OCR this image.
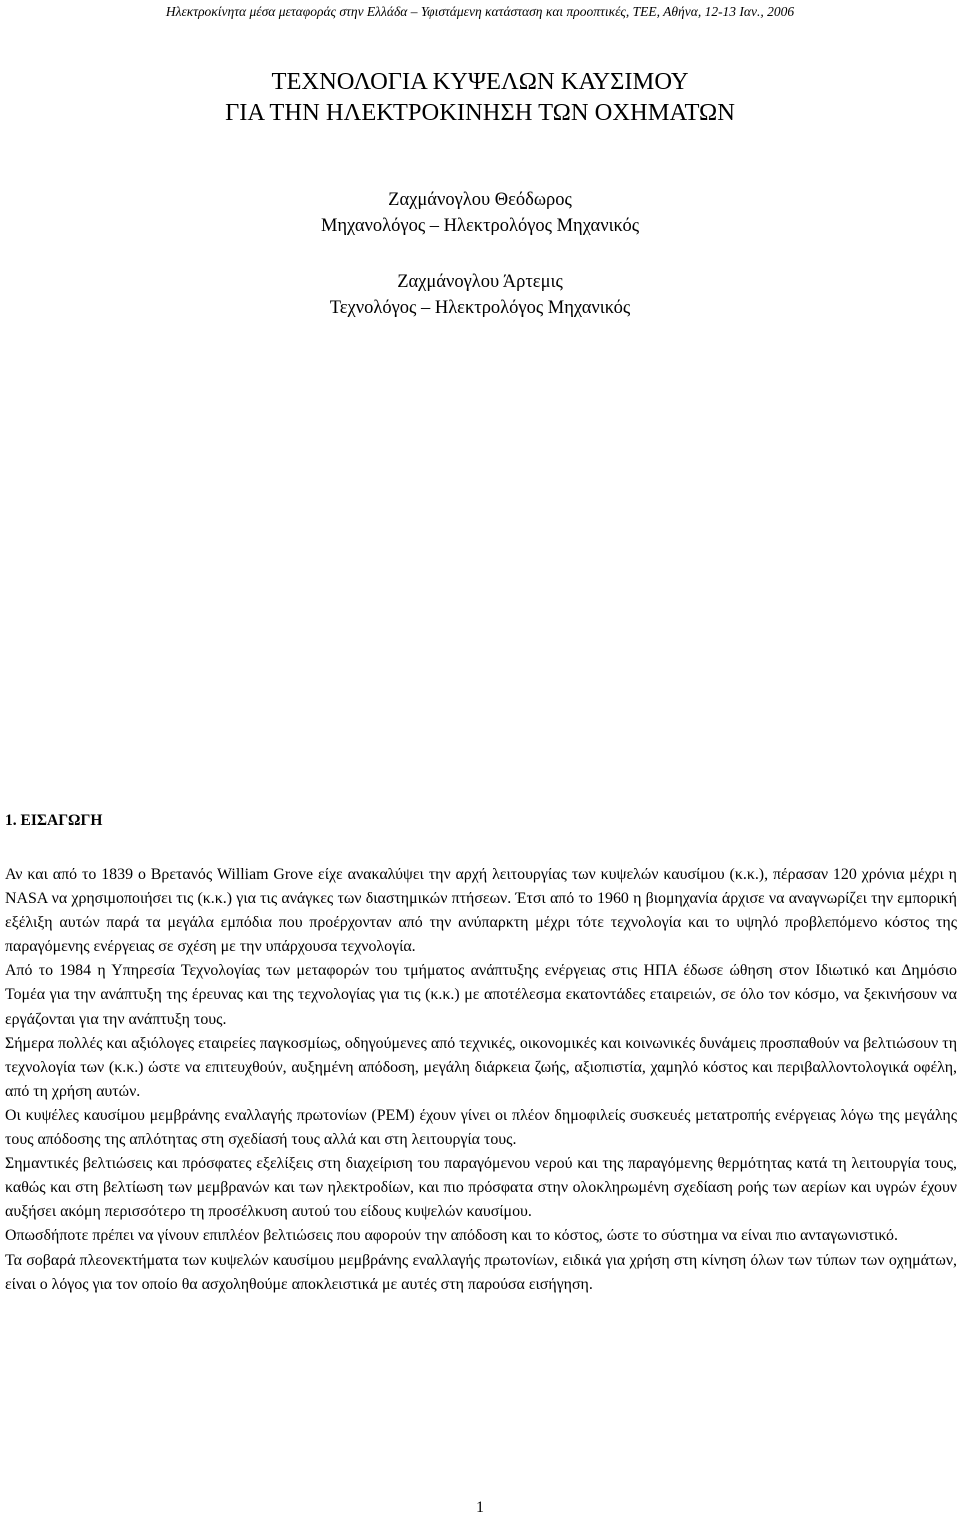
Ηλεκτροκίνητα μέσα μεταφοράς στην Ελλάδα – Υφιστάμενη κατάσταση και προοπτικές, ΤΕΕ, Αθήνα, 12-13 Ιαν., 2006
ΤΕΧΝΟΛΟΓΙΑ ΚΥΨΕΛΩΝ ΚΑΥΣΙΜΟΥ
ΓΙΑ ΤΗΝ ΗΛΕΚΤΡΟΚΙΝΗΣΗ ΤΩΝ ΟΧΗΜΑΤΩΝ
Ζαχμάνογλου Θεόδωρος
Μηχανολόγος – Ηλεκτρολόγος Μηχανικός
Ζαχμάνογλου Άρτεμις
Τεχνολόγος – Ηλεκτρολόγος Μηχανικός
1. ΕΙΣΑΓΩΓΗ

Αν και από το 1839 ο Βρετανός William Grove είχε ανακαλύψει την αρχή λειτουργίας των κυψελών καυσίμου (κ.κ.), πέρασαν 120 χρόνια μέχρι η NASA να χρησιμοποιήσει τις (κ.κ.) για τις ανάγκες των διαστημικών πτήσεων. Έτσι από το 1960 η βιομηχανία άρχισε να αναγνωρίζει την εμπορική εξέλιξη αυτών παρά τα μεγάλα εμπόδια που προέρχονταν από την ανύπαρκτη μέχρι τότε τεχνολογία και το υψηλό προβλεπόμενο κόστος της παραγόμενης ενέργειας σε σχέση με την υπάρχουσα τεχνολογία.

Από το 1984 η Υπηρεσία Τεχνολογίας των μεταφορών του τμήματος ανάπτυξης ενέργειας στις ΗΠΑ έδωσε ώθηση στον Ιδιωτικό και Δημόσιο Τομέα για την ανάπτυξη της έρευνας και της τεχνολογίας για τις (κ.κ.) με αποτέλεσμα εκατοντάδες εταιρειών, σε όλο τον κόσμο, να ξεκινήσουν να εργάζονται για την ανάπτυξη τους.

Σήμερα πολλές και αξιόλογες εταιρείες παγκοσμίως, οδηγούμενες από τεχνικές, οικονομικές και κοινωνικές δυνάμεις προσπαθούν να βελτιώσουν τη τεχνολογία των (κ.κ.) ώστε να επιτευχθούν, αυξημένη απόδοση, μεγάλη διάρκεια ζωής, αξιοπιστία, χαμηλό κόστος και περιβαλλοντολογικά οφέλη, από τη χρήση αυτών.

Οι κυψέλες καυσίμου μεμβράνης εναλλαγής πρωτονίων (PEM) έχουν γίνει οι πλέον δημοφιλείς συσκευές μετατροπής ενέργειας λόγω της μεγάλης τους απόδοσης της απλότητας στη σχεδίασή τους αλλά και στη λειτουργία τους.

Σημαντικές βελτιώσεις και πρόσφατες εξελίξεις στη διαχείριση του παραγόμενου νερού και της παραγόμενης θερμότητας κατά τη λειτουργία τους, καθώς και στη βελτίωση των μεμβρανών και των ηλεκτροδίων, και πιο πρόσφατα στην ολοκληρωμένη σχεδίαση ροής των αερίων και υγρών έχουν αυξήσει ακόμη περισσότερο τη προσέλκυση αυτού του είδους κυψελών καυσίμου.

Οπωσδήποτε πρέπει να γίνουν επιπλέον βελτιώσεις που αφορούν την απόδοση και το κόστος, ώστε το σύστημα να είναι πιο ανταγωνιστικό.

Τα σοβαρά πλεονεκτήματα των κυψελών καυσίμου μεμβράνης εναλλαγής πρωτονίων, ειδικά για χρήση στη κίνηση όλων των τύπων των οχημάτων, είναι ο λόγος για τον οποίο θα ασχοληθούμε αποκλειστικά με αυτές στη παρούσα εισήγηση.

1
